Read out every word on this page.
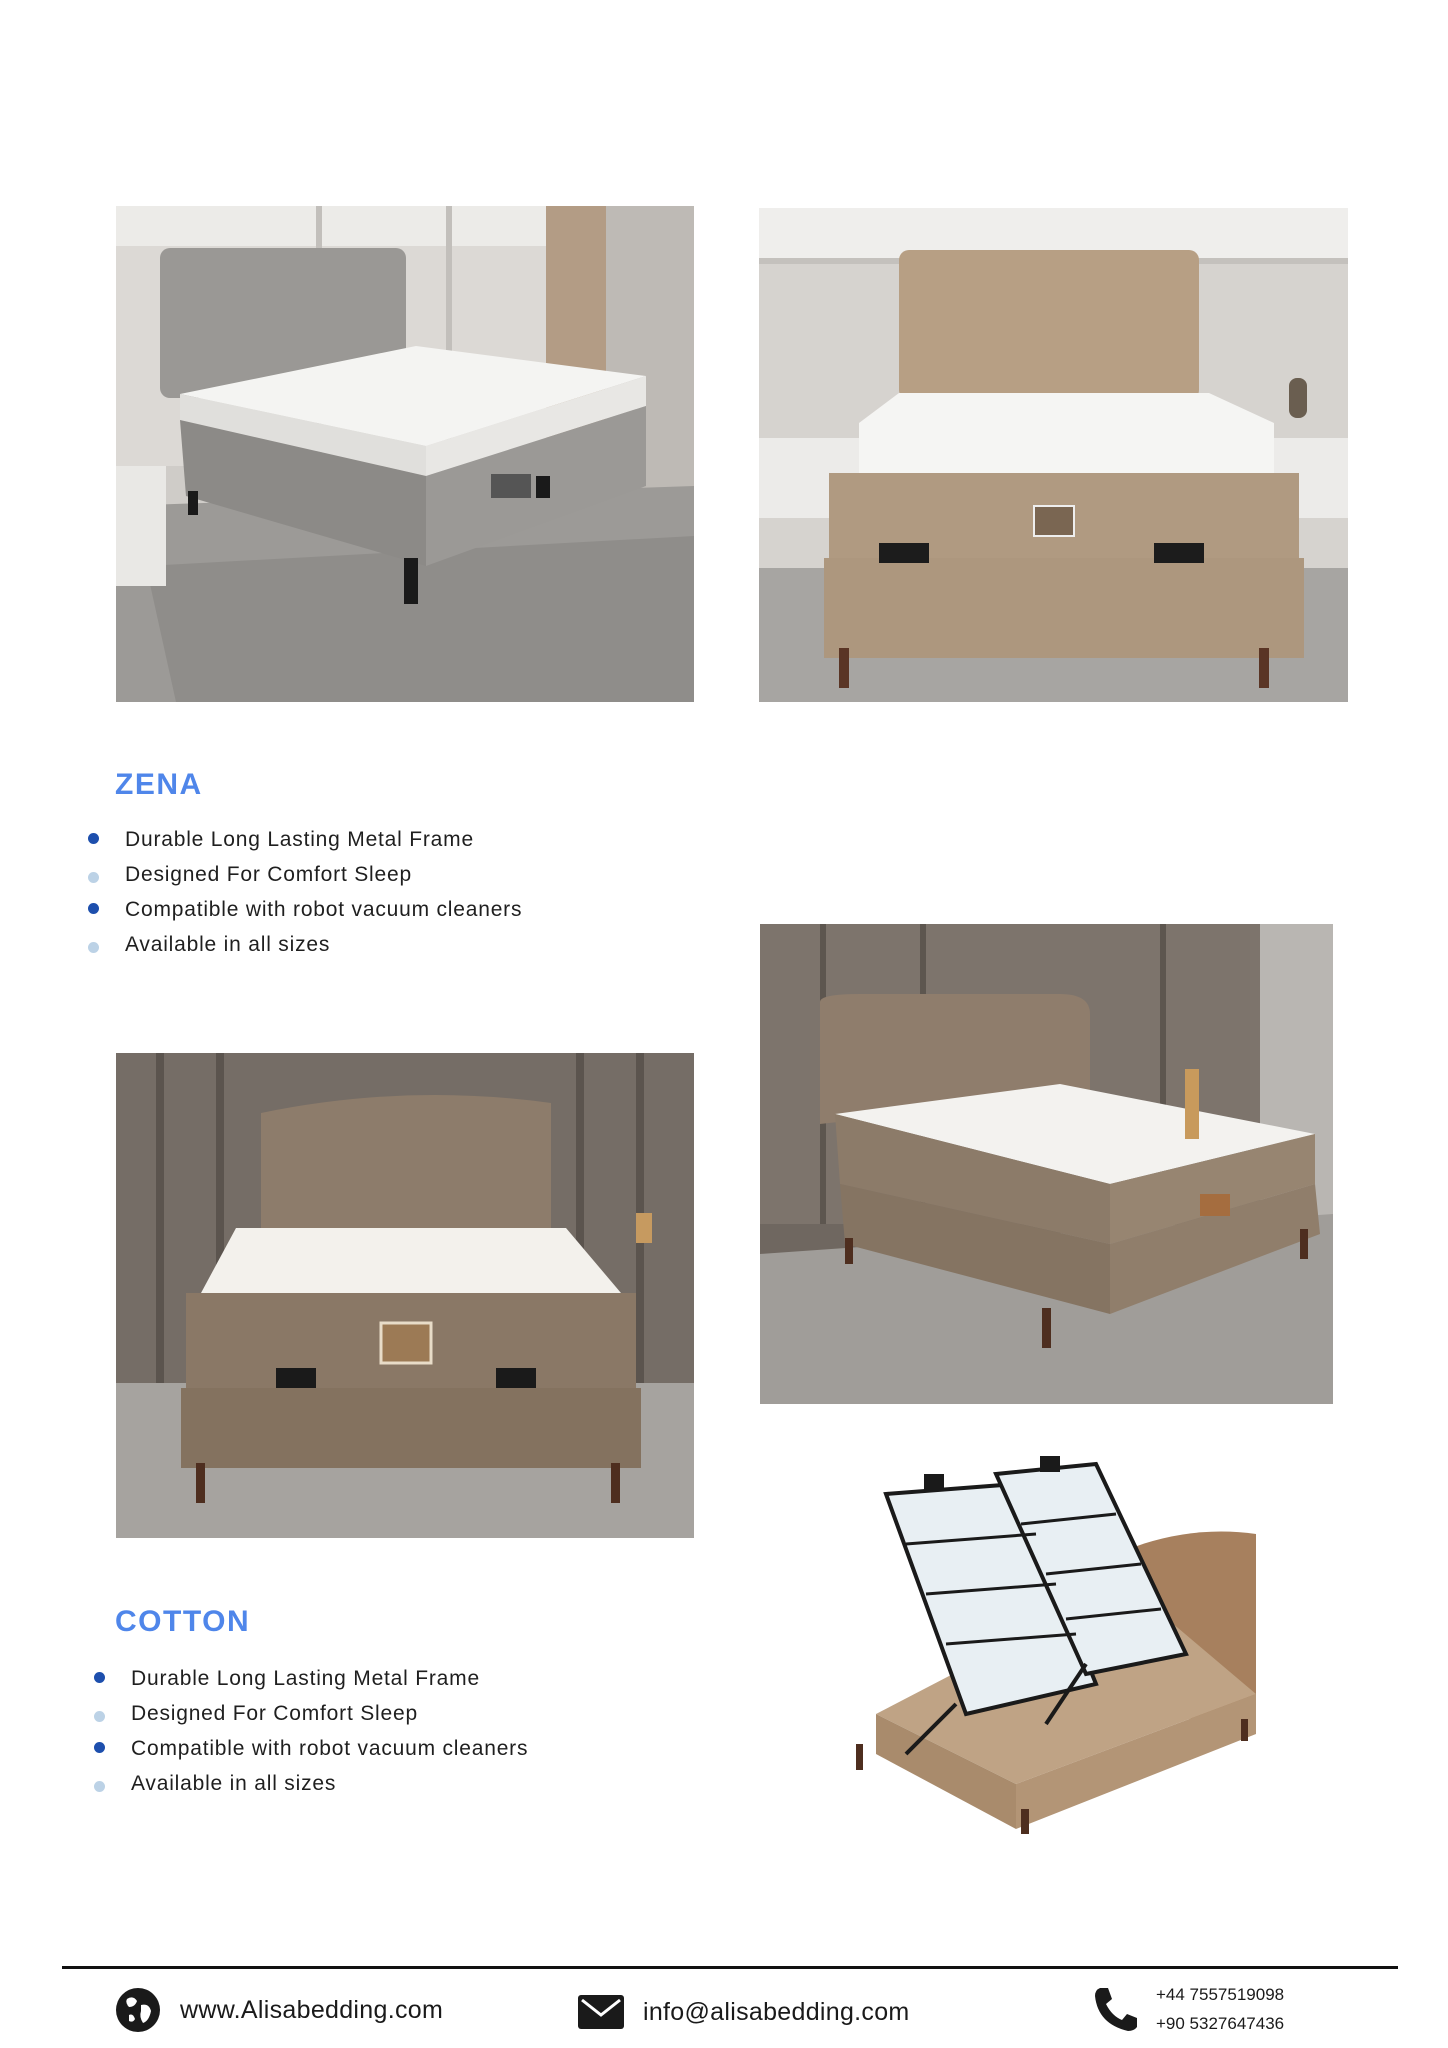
ZENA
Durable Long Lasting Metal Frame
Designed For Comfort Sleep
Compatible with robot vacuum cleaners
Available in all sizes
COTTON
Durable Long Lasting Metal Frame
Designed For Comfort Sleep
Compatible with robot vacuum cleaners
Available in all sizes
www.Alisabedding.com	info@alisabedding.com
+44 7557519098
+90 5327647436
